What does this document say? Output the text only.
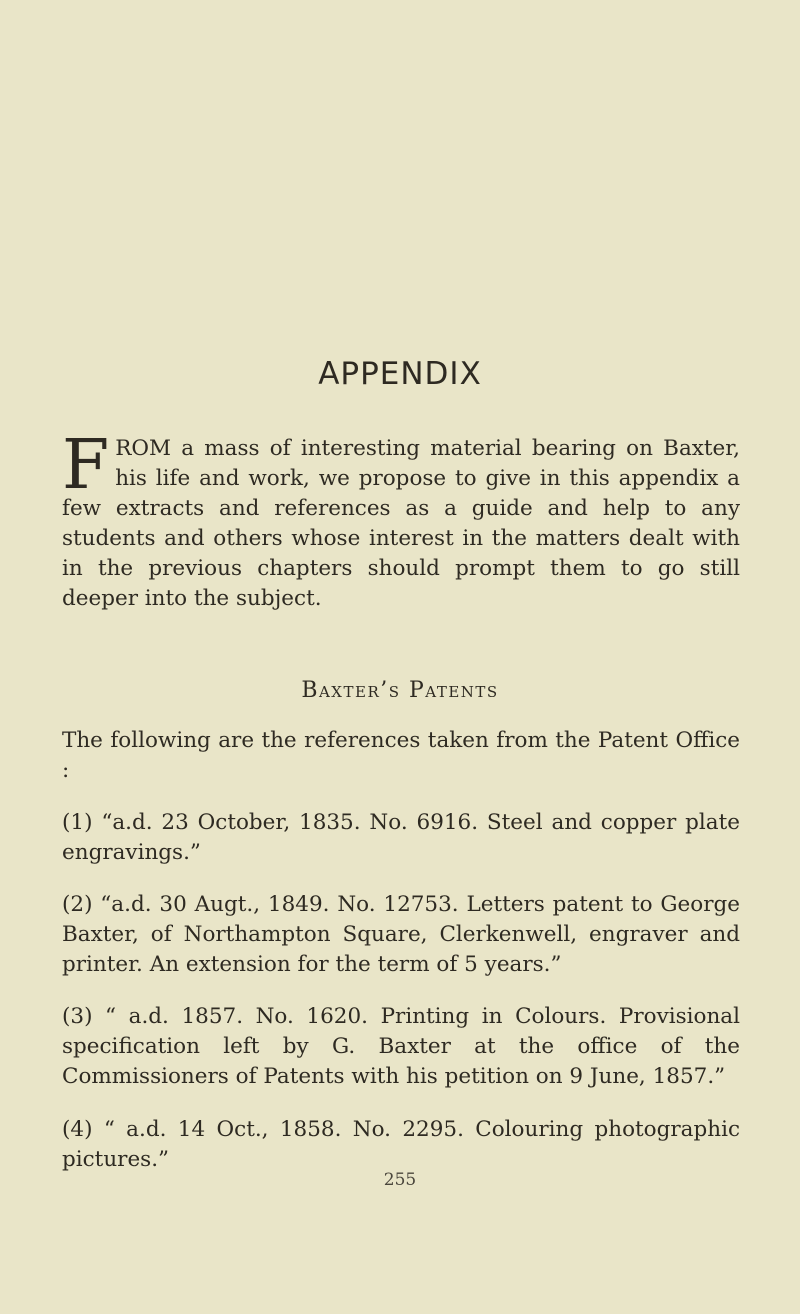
APPENDIX
F ROM a mass of interesting material bearing on Baxter, his life and work, we propose to give in this appendix a few extracts and references as a guide and help to any students and others whose interest in the matters dealt with in the previous chapters should prompt them to go still deeper into the subject.
Baxter’s Patents
The following are the references taken from the Patent Office :
(1) “a.d. 23 October, 1835. No. 6916. Steel and copper plate engravings.”
(2) “a.d. 30 Augt., 1849. No. 12753. Letters patent to George Baxter, of Northampton Square, Clerkenwell, engraver and printer. An extension for the term of 5 years.”
(3) “ a.d. 1857. No. 1620. Printing in Colours. Provisional specification left by G. Baxter at the office of the Commissioners of Patents with his petition on 9 June, 1857.”
(4) “ a.d. 14 Oct., 1858. No. 2295. Colouring photographic pictures.”
255
